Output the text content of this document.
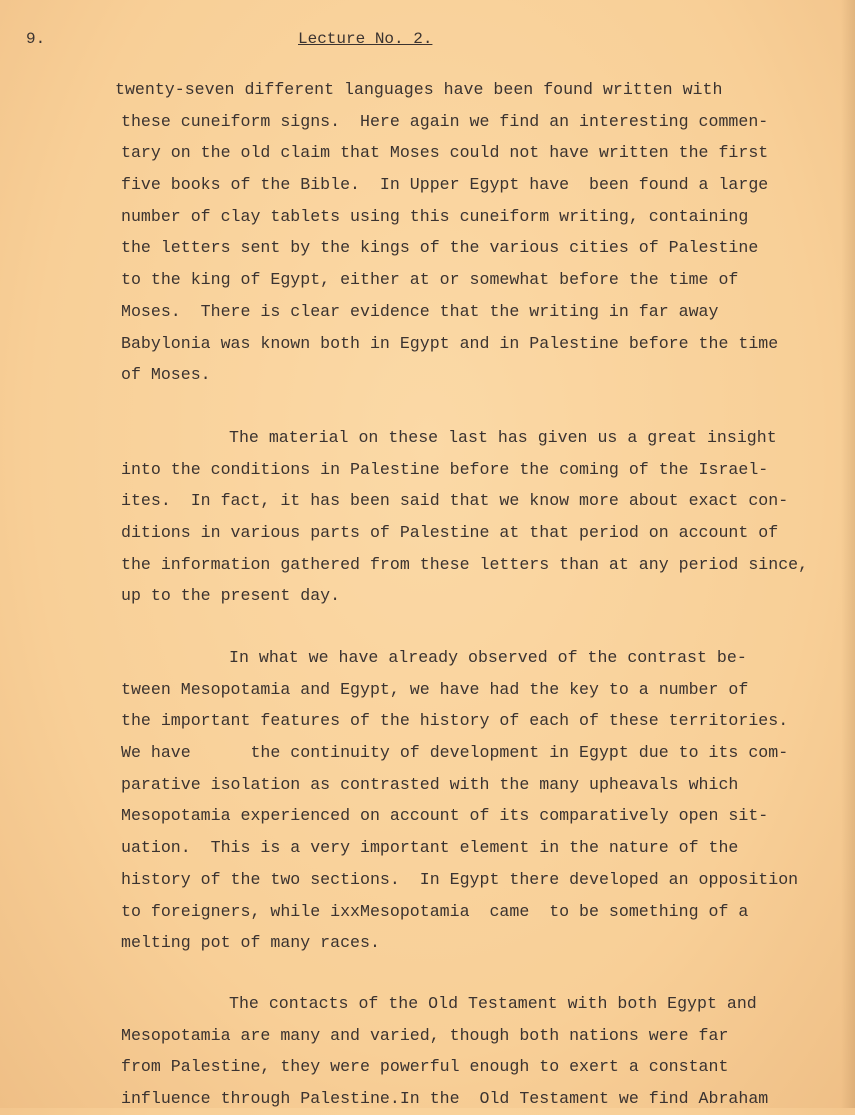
9.	Lecture No. 2.
twenty-seven different languages have been found written with
these cuneiform signs.  Here again we find an interesting commen-
tary on the old claim that Moses could not have written the first
five books of the Bible.  In Upper Egypt have  been found a large
number of clay tablets using this cuneiform writing, containing
the letters sent by the kings of the various cities of Palestine
to the king of Egypt, either at or somewhat before the time of
Moses.  There is clear evidence that the writing in far away
Babylonia was known both in Egypt and in Palestine before the time
of Moses.
The material on these last has given us a great insight
into the conditions in Palestine before the coming of the Israel-
ites.  In fact, it has been said that we know more about exact con-
ditions in various parts of Palestine at that period on account of
the information gathered from these letters than at any period since,
up to the present day.
In what we have already observed of the contrast be-
tween Mesopotamia and Egypt, we have had the key to a number of
the important features of the history of each of these territories.
We have      the continuity of development in Egypt due to its com-
parative isolation as contrasted with the many upheavals which
Mesopotamia experienced on account of its comparatively open sit-
uation.  This is a very important element in the nature of the
history of the two sections.  In Egypt there developed an opposition
to foreigners, while ixxMesopotamia  came  to be something of a
melting pot of many races.
The contacts of the Old Testament with both Egypt and
Mesopotamia are many and varied, though both nations were far
from Palestine, they were powerful enough to exert a constant
influence through Palestine.In the  Old Testament we find Abraham
